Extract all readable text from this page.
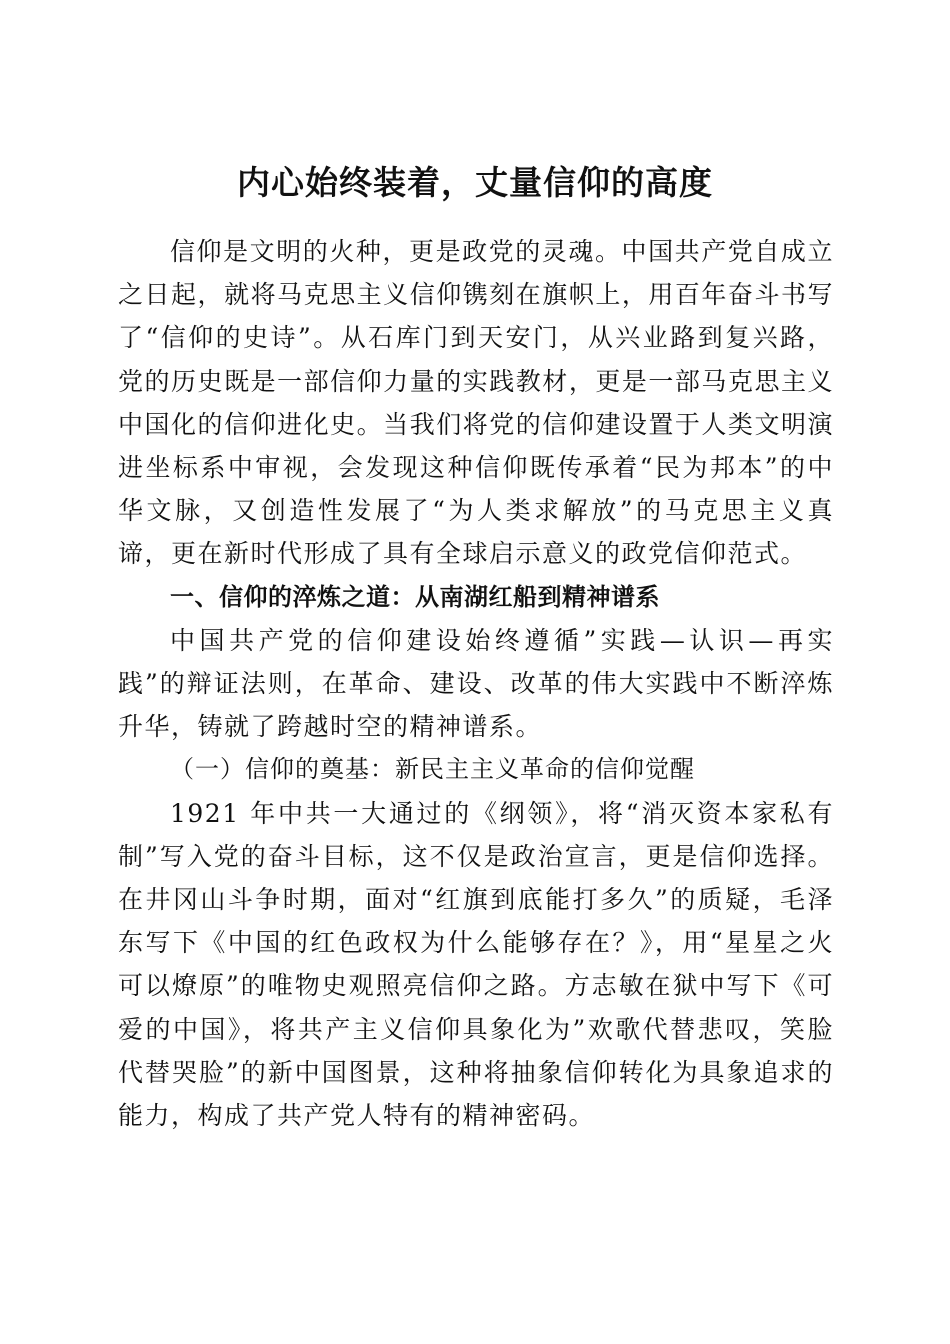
内心始终装着，丈量信仰的高度

信仰是文明的火种，更是政党的灵魂。中国共产党自成立之日起，就将马克思主义信仰镌刻在旗帜上，用百年奋斗书写了“信仰的史诗”。从石库门到天安门，从兴业路到复兴路，党的历史既是一部信仰力量的实践教材，更是一部马克思主义中国化的信仰进化史。当我们将党的信仰建设置于人类文明演进坐标系中审视，会发现这种信仰既传承着“民为邦本”的中华文脉，又创造性发展了“为人类求解放”的马克思主义真谛，更在新时代形成了具有全球启示意义的政党信仰范式。

一、信仰的淬炼之道：从南湖红船到精神谱系

中国共产党的信仰建设始终遵循”实践—认识—再实践”的辩证法则，在革命、建设、改革的伟大实践中不断淬炼升华，铸就了跨越时空的精神谱系。

（一）信仰的奠基：新民主主义革命的信仰觉醒

1921 年中共一大通过的《纲领》，将“消灭资本家私有制”写入党的奋斗目标，这不仅是政治宣言，更是信仰选择。在井冈山斗争时期，面对“红旗到底能打多久”的质疑，毛泽东写下《中国的红色政权为什么能够存在？》，用“星星之火可以燎原”的唯物史观照亮信仰之路。方志敏在狱中写下《可爱的中国》，将共产主义信仰具象化为”欢歌代替悲叹，笑脸代替哭脸”的新中国图景，这种将抽象信仰转化为具象追求的能力，构成了共产党人特有的精神密码。
